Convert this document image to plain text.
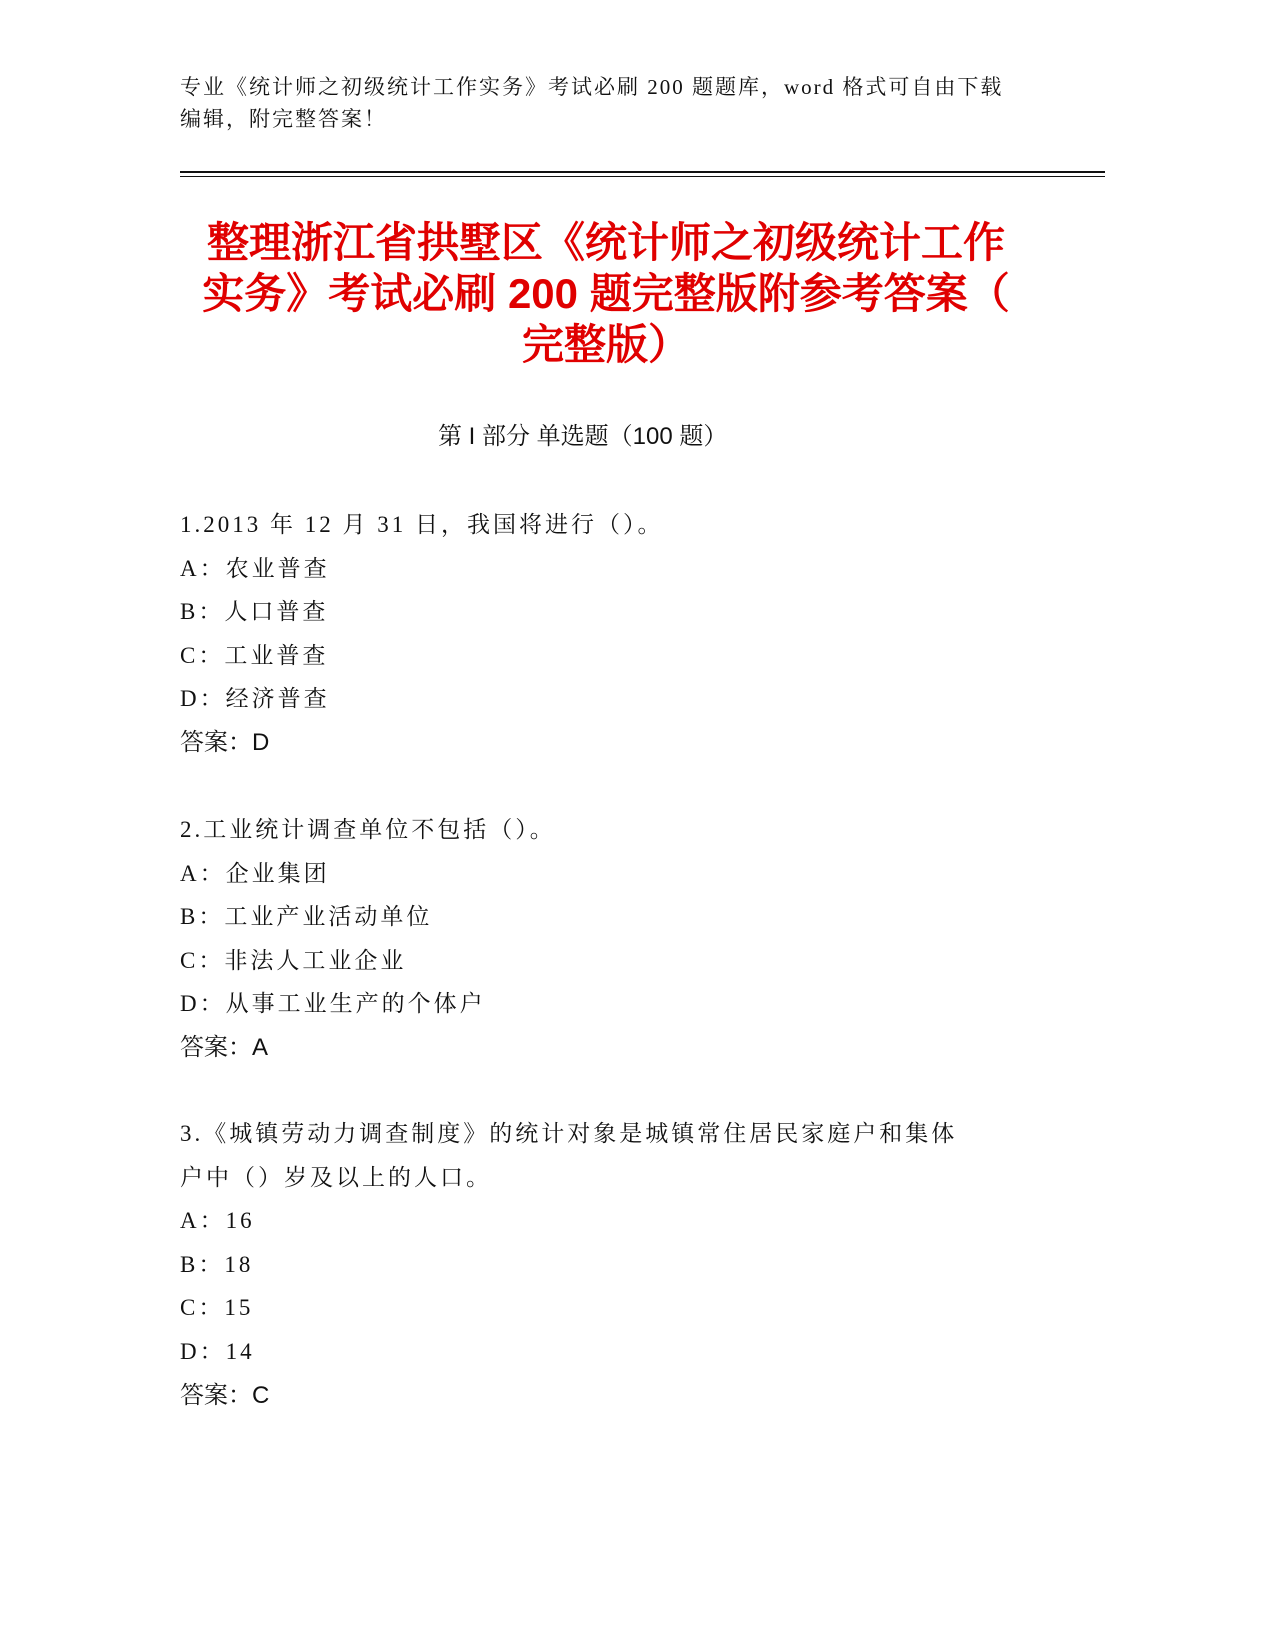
专业《统计师之初级统计工作实务》考试必刷 200 题题库，word 格式可自由下载
编辑，附完整答案！
整理浙江省拱墅区《统计师之初级统计工作
实务》考试必刷 200 题完整版附参考答案（
完整版）
第 I 部分 单选题（100 题）
1.2013 年 12 月 31 日，我国将进行（）。
A：农业普查
B：人口普查
C：工业普查
D：经济普查
答案：D
2.工业统计调查单位不包括（）。
A：企业集团
B：工业产业活动单位
C：非法人工业企业
D：从事工业生产的个体户
答案：A
3.《城镇劳动力调查制度》的统计对象是城镇常住居民家庭户和集体
户中（）岁及以上的人口。
A：16
B：18
C：15
D：14
答案：C
